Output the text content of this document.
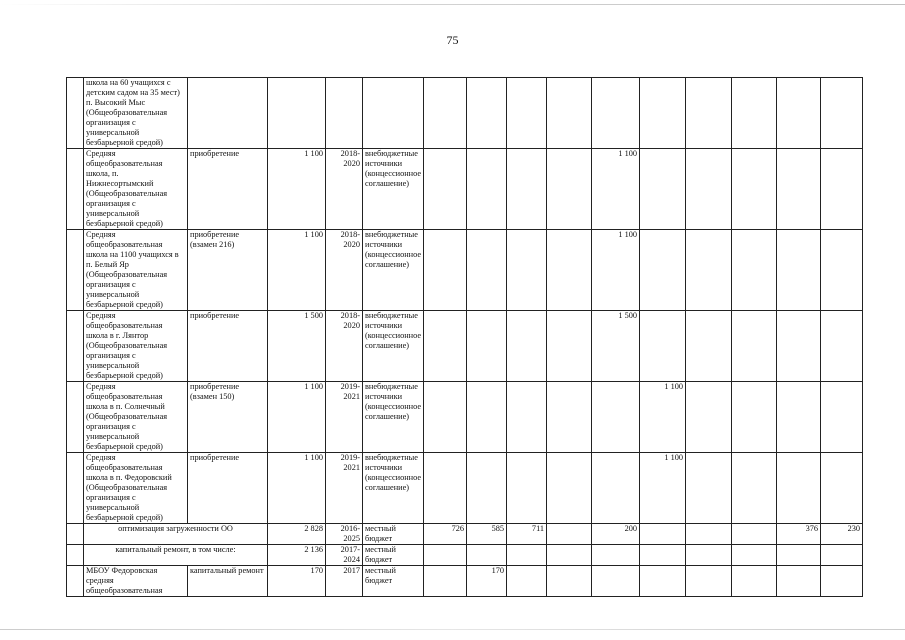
75
	школа на 60 учащихся с детским садом на 35 мест) п. Высокий Мыс (Общеобразовательная организация с универсальной безбарьерной средой)														
	Средняя общеобразовательная школа, п. Нижнесортымский (Общеобразовательная организация с универсальной безбарьерной средой)	приобретение	1 100	2018-2020	внебюджетные источники (концессионное соглашение)					1 100					
	Средняя общеобразовательная школа на 1100 учащихся в п. Белый Яр (Общеобразовательная организация с универсальной безбарьерной средой)	приобретение (взамен 216)	1 100	2018-2020	внебюджетные источники (концессионное соглашение)					1 100					
	Средняя общеобразовательная школа в г. Лянтор (Общеобразовательная организация с универсальной безбарьерной средой)	приобретение	1 500	2018-2020	внебюджетные источники (концессионное соглашение)					1 500					
	Средняя общеобразовательная школа в п. Солнечный (Общеобразовательная организация с универсальной безбарьерной средой)	приобретение (взамен 150)	1 100	2019-2021	внебюджетные источники (концессионное соглашение)						1 100				
	Средняя общеобразовательная школа в п. Федоровский (Общеобразовательная организация с универсальной безбарьерной средой)	приобретение	1 100	2019-2021	внебюджетные источники (концессионное соглашение)						1 100				
	оптимизация загруженности ОО		2 828	2016-2025	местный бюджет	726	585	711		200				376	230
	капитальный ремонт, в том числе:		2 136	2017-2024	местный бюджет										
	МБОУ Федоровская средняя общеобразовательная	капитальный ремонт	170	2017	местный бюджет		170								
